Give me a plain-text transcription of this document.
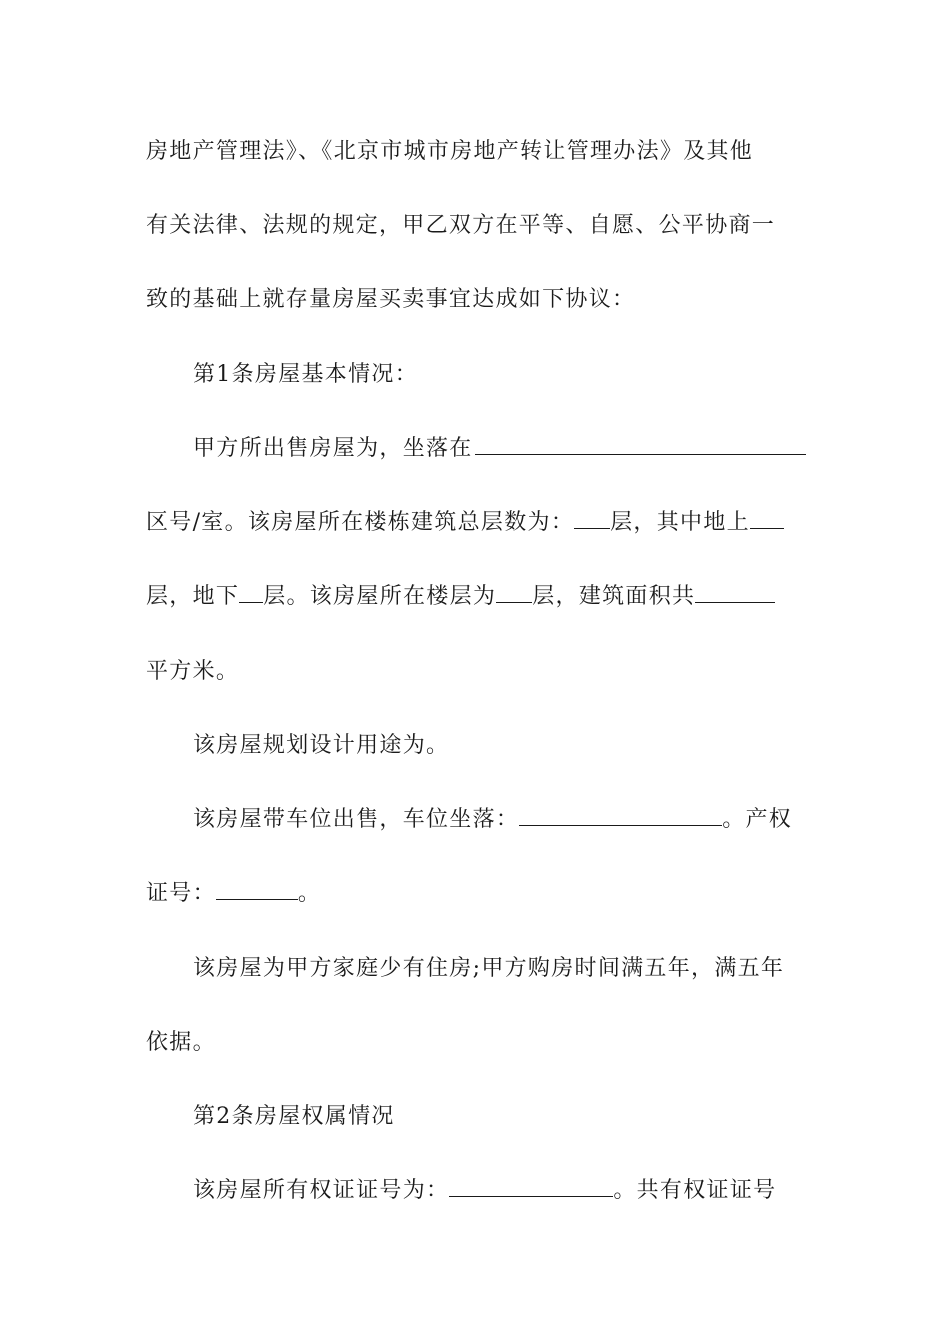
房地产管理法》、《北京市城市房地产转让管理办法》及其他
有关法律、法规的规定，甲乙双方在平等、自愿、公平协商一
致的基础上就存量房屋买卖事宜达成如下协议：
第1条房屋基本情况：
甲方所出售房屋为，坐落在
区号/室。该房屋所在楼栋建筑总层数为： 层，其中地上
层，地下 层。该房屋所在楼层为 层，建筑面积共
平方米。
该房屋规划设计用途为。
该房屋带车位出售，车位坐落：	。产权
证号：	。
该房屋为甲方家庭少有住房;甲方购房时间满五年，满五年
依据。
第2条房屋权属情况
该房屋所有权证证号为：	。共有权证证号
